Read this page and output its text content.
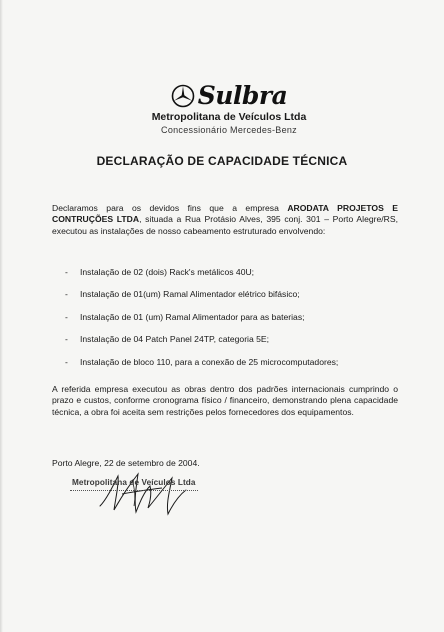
Sulbra
Metropolitana de Veículos Ltda
Concessionário Mercedes-Benz
DECLARAÇÃO DE CAPACIDADE TÉCNICA
Declaramos para os devidos fins que a empresa ARODATA PROJETOS E CONTRUÇÕES LTDA, situada a Rua Protásio Alves, 395 conj. 301 – Porto Alegre/RS, executou as instalações de nosso cabeamento estruturado envolvendo:
-	Instalação de 02 (dois) Rack's metálicos 40U;
-	Instalação de 01(um) Ramal Alimentador elétrico bifásico;
-	Instalação de 01 (um) Ramal Alimentador para as baterias;
-	Instalação de 04 Patch Panel 24TP, categoria 5E;
-	Instalação de bloco 110, para a conexão de 25 microcomputadores;
A referida empresa executou as obras dentro dos padrões internacionais cumprindo o prazo e custos, conforme cronograma físico / financeiro, demonstrando plena capacidade técnica, a obra foi aceita sem restrições pelos fornecedores dos equipamentos.
Porto Alegre, 22 de setembro de 2004.
Metropolitana de Veículos Ltda
